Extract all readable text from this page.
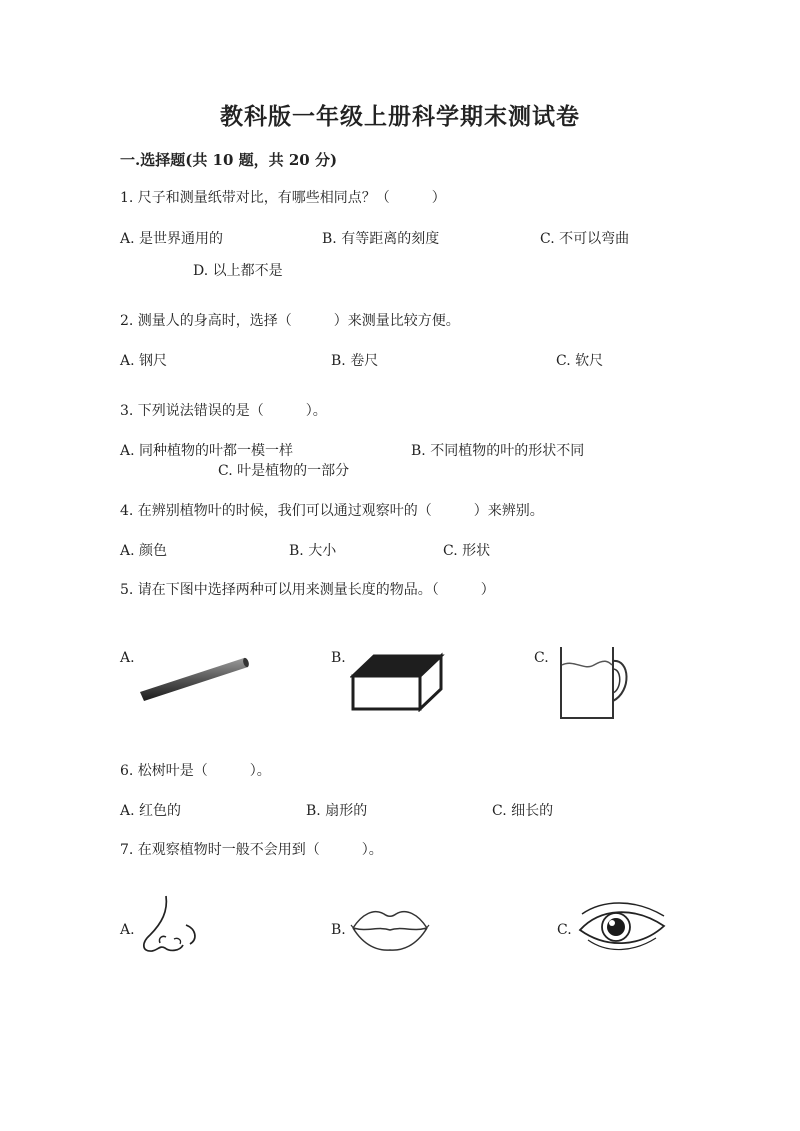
教科版一年级上册科学期末测试卷
一.选择题(共 10 题，共 20 分)
1. 尺子和测量纸带对比，有哪些相同点？（　　　）
A. 是世界通用的	B. 有等距离的刻度	C. 不可以弯曲
D. 以上都不是
2. 测量人的身高时，选择（　　　）来测量比较方便。
A. 钢尺	B. 卷尺	C. 软尺
3. 下列说法错误的是（　　　）。
A. 同种植物的叶都一模一样	B. 不同植物的叶的形状不同
C. 叶是植物的一部分
4. 在辨别植物叶的时候，我们可以通过观察叶的（　　　）来辨别。
A. 颜色	B. 大小	C. 形状
5. 请在下图中选择两种可以用来测量长度的物品。（　　　）
A.	B.	C.
6. 松树叶是（　　　）。
A. 红色的	B. 扇形的	C. 细长的
7. 在观察植物时一般不会用到（　　　）。
A.	B.	C.
